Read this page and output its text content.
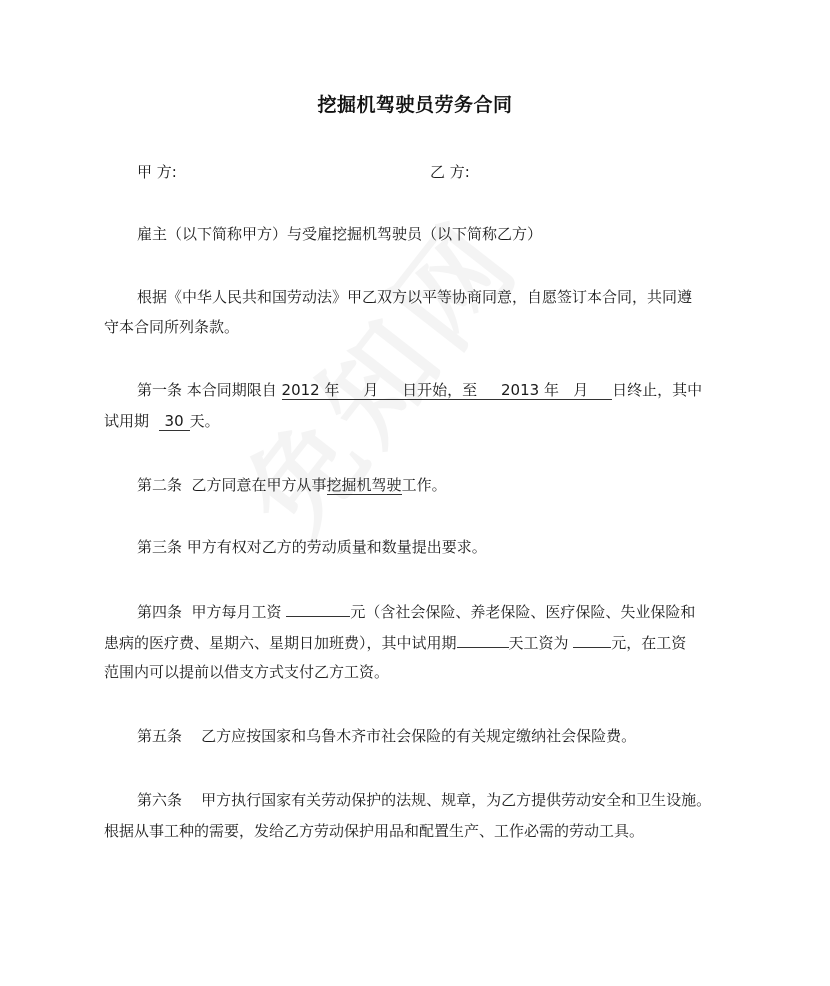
挖掘机驾驶员劳务合同
甲 方:	乙 方:
雇主（以下简称甲方）与受雇挖掘机驾驶员（以下简称乙方）
根据《中华人民共和国劳动法》甲乙双方以平等协商同意，自愿签订本合同，共同遵
守本合同所列条款。
第一条 本合同期限自 2012 年     月     日开始，至     2013 年   月     日终止，其中
试用期  30 天。
第二条  乙方同意在甲方从事挖掘机驾驶工作。
第三条 甲方有权对乙方的劳动质量和数量提出要求。
第四条  甲方每月工资	元（含社会保险、养老保险、医疗保险、失业保险和
患病的医疗费、星期六、星期日加班费），其中试用期	天工资为	元，在工资
范围内可以提前以借支方式支付乙方工资。
第五条    乙方应按国家和乌鲁木齐市社会保险的有关规定缴纳社会保险费。
第六条    甲方执行国家有关劳动保护的法规、规章，为乙方提供劳动安全和卫生设施。
根据从事工种的需要，发给乙方劳动保护用品和配置生产、工作必需的劳动工具。
